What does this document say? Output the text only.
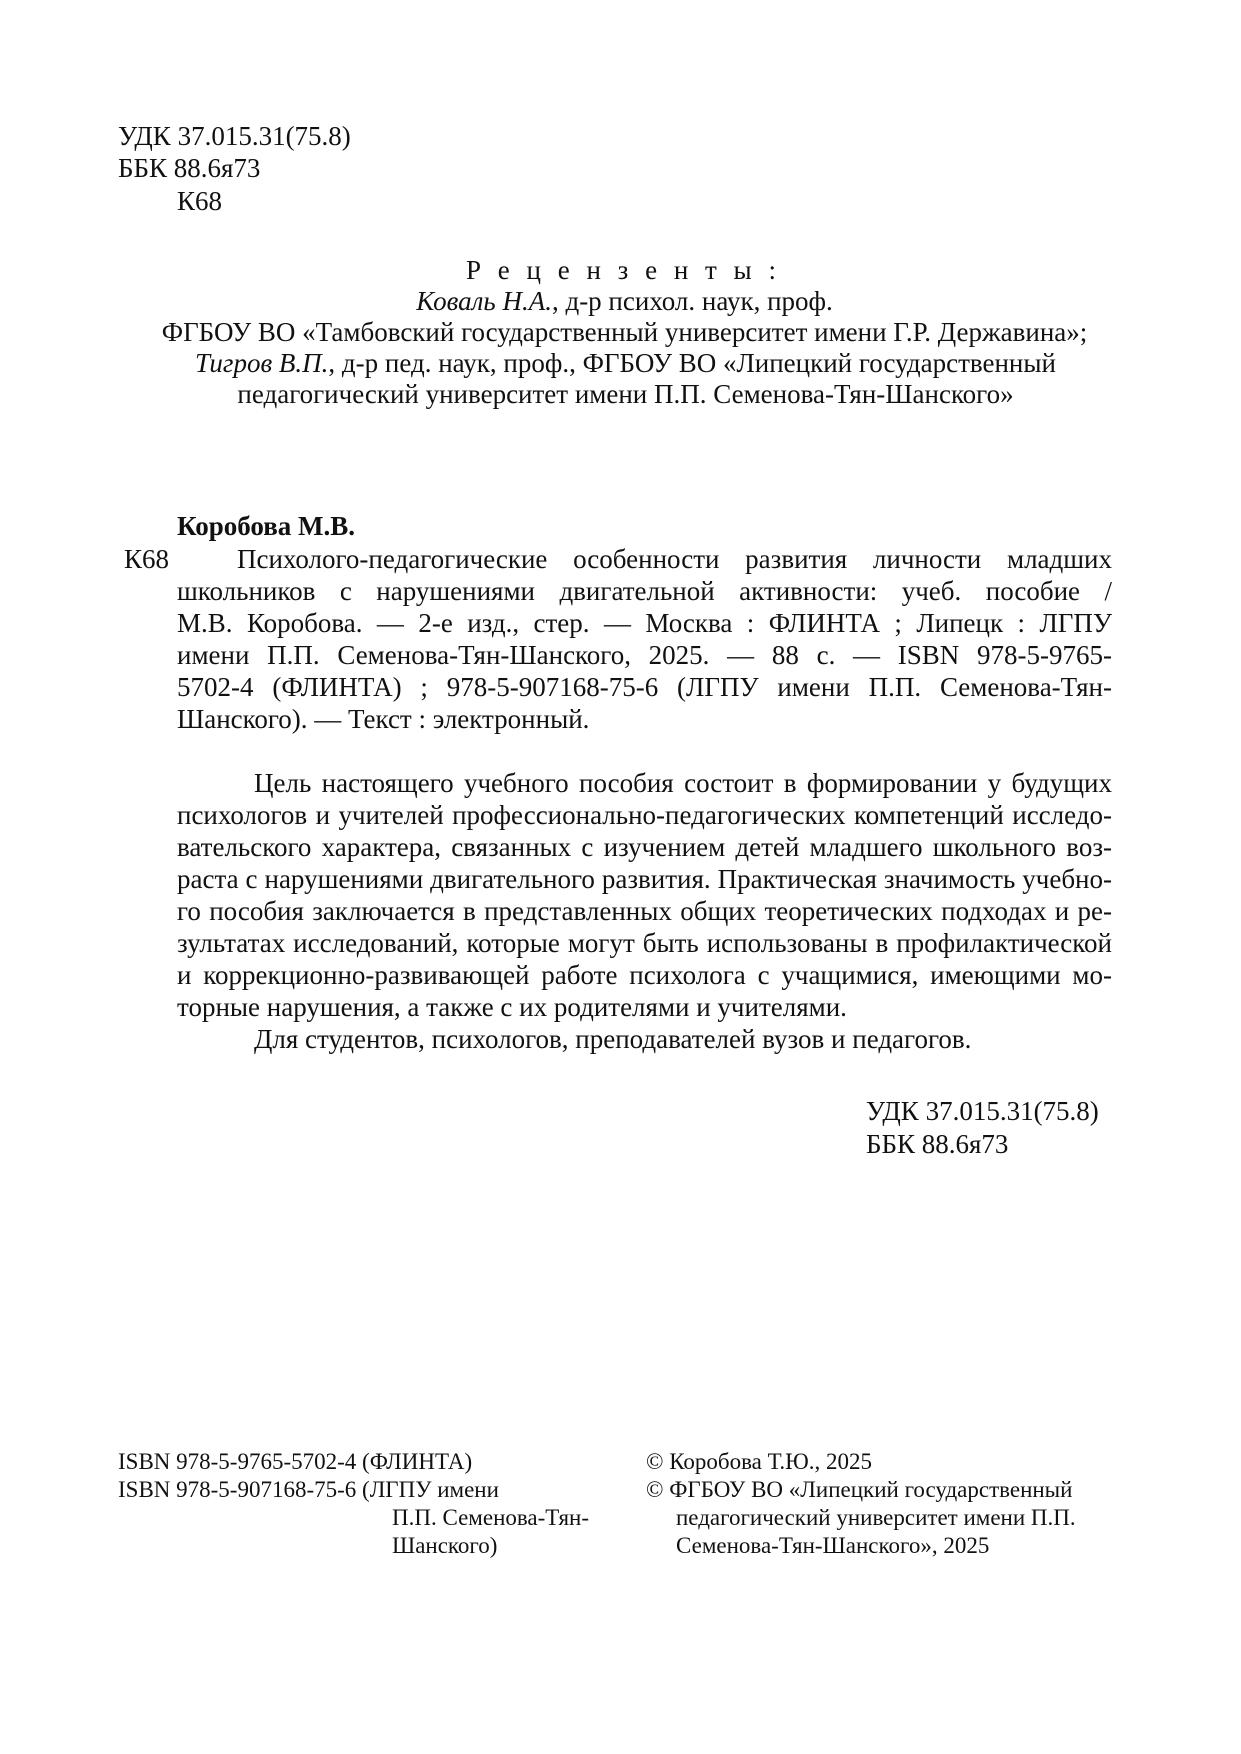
УДК 37.015.31(75.8)
ББК 88.6я73
К68
Р е ц е н з е н т ы :
Коваль Н.А., д-р психол. наук, проф.
ФГБОУ ВО «Тамбовский государственный университет имени Г.Р. Державина»;
Тигров В.П., д-р пед. наук, проф., ФГБОУ ВО «Липецкий государственный
педагогический университет имени П.П. Семенова-Тян-Шанского»
Коробова М.В.
К68	Психолого-педагогические особенности развития личности младших
школьников с нарушениями двигательной активности: учеб. пособие /
М.В. Коробова. — 2-е изд., стер. — Москва : ФЛИНТА ; Липецк : ЛГПУ
имени П.П. Семенова-Тян-Шанского, 2025. — 88 с. — ISBN 978-5-9765-
5702-4 (ФЛИНТА) ; 978-5-907168-75-6 (ЛГПУ имени П.П. Семенова-Тян-
Шанского). — Текст : электронный.
Цель настоящего учебного пособия состоит в формировании у будущих
психологов и учителей профессионально-педагогических компетенций исследо-
вательского характера, связанных с изучением детей младшего школьного воз-
раста с нарушениями двигательного развития. Практическая значимость учебно-
го пособия заключается в представленных общих теоретических подходах и ре-
зультатах исследований, которые могут быть использованы в профилактической
и коррекционно-развивающей работе психолога с учащимися, имеющими мо-
торные нарушения, а также с их родителями и учителями.
Для студентов, психологов, преподавателей вузов и педагогов.
УДК 37.015.31(75.8)
ББК 88.6я73
ISBN 978-5-9765-5702-4 (ФЛИНТА)
ISBN 978-5-907168-75-6 (ЛГПУ имени
П.П. Семенова-Тян-
Шанского)
© Коробова Т.Ю., 2025
© ФГБОУ ВО «Липецкий государственный
педагогический университет имени П.П.
Семенова-Тян-Шанского», 2025
